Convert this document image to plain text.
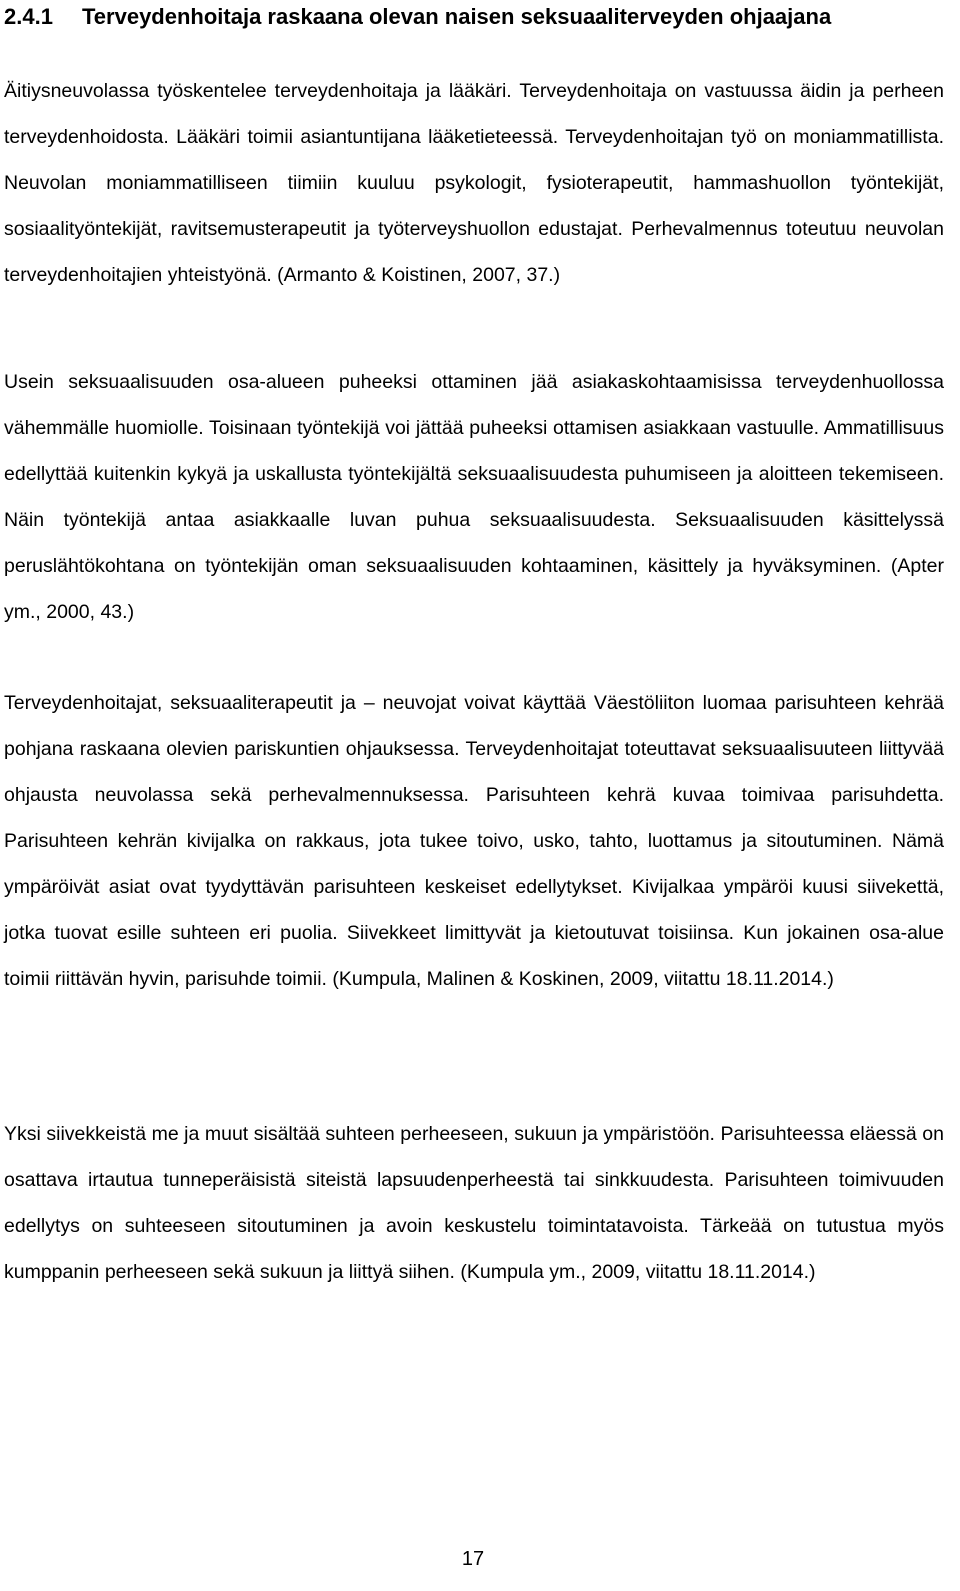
2.4.1 Terveydenhoitaja raskaana olevan naisen seksuaaliterveyden ohjaajana

Äitiysneuvolassa työskentelee terveydenhoitaja ja lääkäri. Terveydenhoitaja on vastuussa äidin ja perheen terveydenhoidosta. Lääkäri toimii asiantuntijana lääketieteessä. Terveydenhoitajan työ on moniammatillista. Neuvolan moniammatilliseen tiimiin kuuluu psykologit, fysioterapeutit, hammashuollon työntekijät, sosiaalityöntekijät, ravitsemusterapeutit ja työterveyshuollon edustajat. Perhevalmennus toteutuu neuvolan terveydenhoitajien yhteistyönä. (Armanto & Koistinen, 2007, 37.)

Usein seksuaalisuuden osa-alueen puheeksi ottaminen jää asiakaskohtaamisissa terveydenhuollossa vähemmälle huomiolle. Toisinaan työntekijä voi jättää puheeksi ottamisen asiakkaan vastuulle. Ammatillisuus edellyttää kuitenkin kykyä ja uskallusta työntekijältä seksuaalisuudesta puhumiseen ja aloitteen tekemiseen. Näin työntekijä antaa asiakkaalle luvan puhua seksuaalisuudesta. Seksuaalisuuden käsittelyssä peruslähtökohtana on työntekijän oman seksuaalisuuden kohtaaminen, käsittely ja hyväksyminen. (Apter ym., 2000, 43.)

Terveydenhoitajat, seksuaaliterapeutit ja – neuvojat voivat käyttää Väestöliiton luomaa parisuhteen kehrää pohjana raskaana olevien pariskuntien ohjauksessa. Terveydenhoitajat toteuttavat seksuaalisuuteen liittyvää ohjausta neuvolassa sekä perhevalmennuksessa. Parisuhteen kehrä kuvaa toimivaa parisuhdetta. Parisuhteen kehrän kivijalka on rakkaus, jota tukee toivo, usko, tahto, luottamus ja sitoutuminen. Nämä ympäröivät asiat ovat tyydyttävän parisuhteen keskeiset edellytykset. Kivijalkaa ympäröi kuusi siivekettä, jotka tuovat esille suhteen eri puolia. Siivekkeet limittyvät ja kietoutuvat toisiinsa. Kun jokainen osa-alue toimii riittävän hyvin, parisuhde toimii. (Kumpula, Malinen & Koskinen, 2009, viitattu 18.11.2014.)

Yksi siivekkeistä me ja muut sisältää suhteen perheeseen, sukuun ja ympäristöön. Parisuhteessa eläessä on osattava irtautua tunneperäisistä siteistä lapsuudenperheestä tai sinkkuudesta. Parisuhteen toimivuuden edellytys on suhteeseen sitoutuminen ja avoin keskustelu toimintatavoista. Tärkeää on tutustua myös kumppanin perheeseen sekä sukuun ja liittyä siihen. (Kumpula ym., 2009, viitattu 18.11.2014.)

17
